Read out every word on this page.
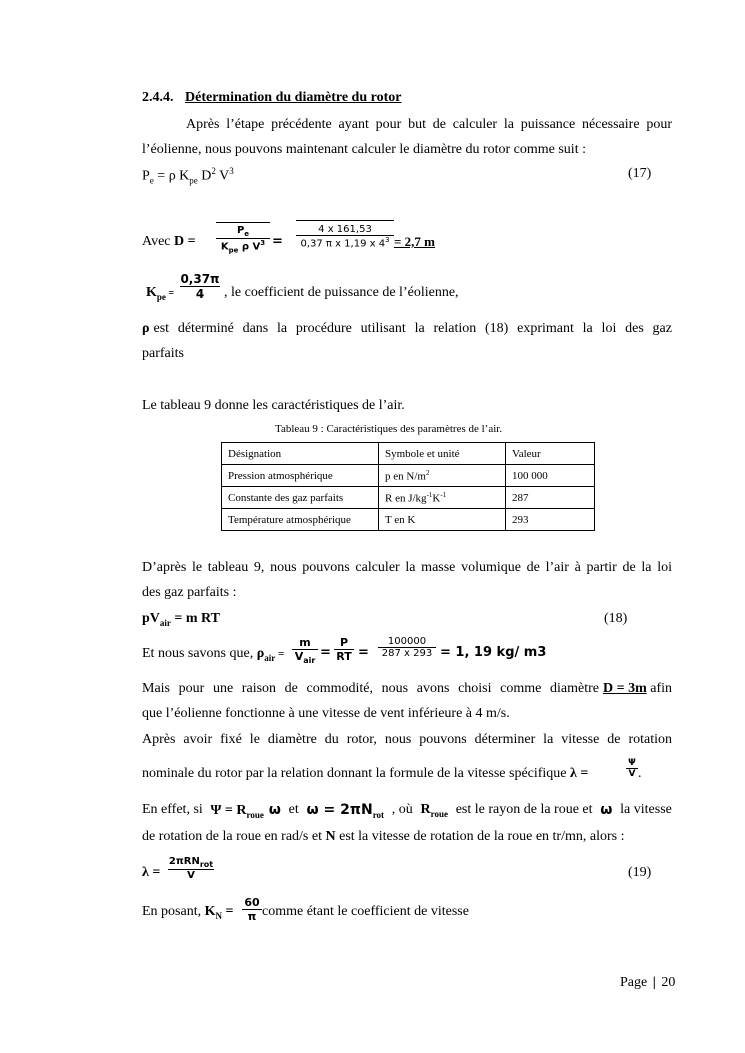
2.4.4. Détermination du diamètre du rotor
Après l’étape précédente ayant pour but de calculer la puissance nécessaire pour
l’éolienne, nous pouvons maintenant calculer le diamètre du rotor comme suit :
$P_e = \rho$ $K_{pe}$ $D^2$ $V^3$	(17)
Avec D =
$P_e$
$K_{pe}$ ρ $V^3 = \frac{4 x 161,53}{0,37 \pi x 1,19 x 4^3} = 2,7$ m
$K_{pe} = \frac{0,37\pi}{4}$ , le coefficient de puissance de l’éolienne,
ρ est déterminé dans la procédure utilisant la relation (18) exprimant la loi des gaz
parfaits
Le tableau 9 donne les caractéristiques de l’air.
Tableau 9 : Caractéristiques des paramètres de l’air.
Désignation	Symbole et unité	Valeur
Pression atmosphérique	p en $N/m^2$	100 000
Constante des gaz parfaits	R en $J/kg^{-1}K^{-1}$	287
Température atmosphérique	T en K	293
D’après le tableau 9, nous pouvons calculer la masse volumique de l’air à partir de la loi
des gaz parfaits :
$pV_{air} = m$ RT	(18)
Et nous savons que, $\rho_{air}$ =
m
$V_{air}$
= $\frac{P}{RT} = \frac{100000}{287 x 293} = 1$, 19 kg/ m3
Mais pour une raison de commodité, nous avons choisi comme diamètre D = 3m afin
que l’éolienne fonctionne à une vitesse de vent inférieure à 4 m/s.
Après avoir fixé le diamètre du rotor, nous pouvons déterminer la vitesse de rotation
nominale du rotor par la relation donnant la formule de la vitesse spécifique λ =	$\frac{\Psi}{V}$ .
En effet, si $\Psi = R_{roue}$ ω et $\omega = 2\pi N_{rot}$ , où $R_{roue}$ est le rayon de la roue et ω la vitesse
de rotation de la roue en rad/s et N est la vitesse de rotation de la roue en tr/mn, alors :
λ =
2πRN$_{rot}$
V	(19)
En posant, $K_N = \frac{60}{\pi}$ comme étant le coefficient de vitesse
Page | 20
